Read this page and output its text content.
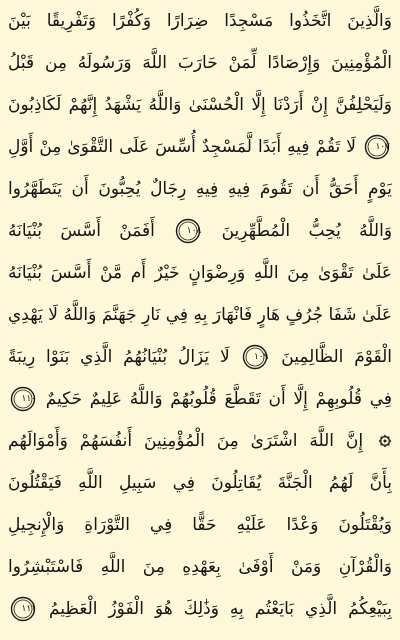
وَالَّذِينَ اتَّخَذُوا مَسْجِدًا ضِرَارًا وَكُفْرًا وَتَفْرِيقًا بَيْنَ
الْمُؤْمِنِينَ وَإِرْصَادًا لِّمَنْ حَارَبَ اللَّهَ وَرَسُولَهُ مِن قَبْلُ
وَلَيَحْلِفُنَّ إِنْ أَرَدْنَا إِلَّا الْحُسْنَىٰ وَاللَّهُ يَشْهَدُ إِنَّهُمْ لَكَاذِبُونَ
١٠٧
لَا تَقُمْ فِيهِ أَبَدًا لَّمَسْجِدٌ أُسِّسَ عَلَى التَّقْوَىٰ مِنْ أَوَّلِ
يَوْمٍ أَحَقُّ أَن تَقُومَ فِيهِ فِيهِ رِجَالٌ يُحِبُّونَ أَن يَتَطَهَّرُوا
وَاللَّهُ يُحِبُّ الْمُطَّهِّرِينَ
١٠٨
أَفَمَنْ أَسَّسَ بُنْيَانَهُ
عَلَىٰ تَقْوَىٰ مِنَ اللَّهِ وَرِضْوَانٍ خَيْرٌ أَم مَّنْ أَسَّسَ بُنْيَانَهُ
عَلَىٰ شَفَا جُرُفٍ هَارٍ فَانْهَارَ بِهِ فِي نَارِ جَهَنَّمَ وَاللَّهُ لَا يَهْدِي
الْقَوْمَ الظَّالِمِينَ
١٠٩
لَا يَزَالُ بُنْيَانُهُمُ الَّذِي بَنَوْا رِيبَةً
فِي قُلُوبِهِمْ إِلَّا أَن تَقَطَّعَ قُلُوبُهُمْ وَاللَّهُ عَلِيمٌ حَكِيمٌ
١١٠
إِنَّ اللَّهَ اشْتَرَىٰ مِنَ الْمُؤْمِنِينَ أَنفُسَهُمْ وَأَمْوَالَهُم
بِأَنَّ لَهُمُ الْجَنَّةَ يُقَاتِلُونَ فِي سَبِيلِ اللَّهِ فَيَقْتُلُونَ
وَيُقْتَلُونَ وَعْدًا عَلَيْهِ حَقًّا فِي التَّوْرَاةِ وَالْإِنجِيلِ
وَالْقُرْآنِ وَمَنْ أَوْفَىٰ بِعَهْدِهِ مِنَ اللَّهِ فَاسْتَبْشِرُوا
بِبَيْعِكُمُ الَّذِي بَايَعْتُم بِهِ وَذَٰلِكَ هُوَ الْفَوْزُ الْعَظِيمُ
١١١
